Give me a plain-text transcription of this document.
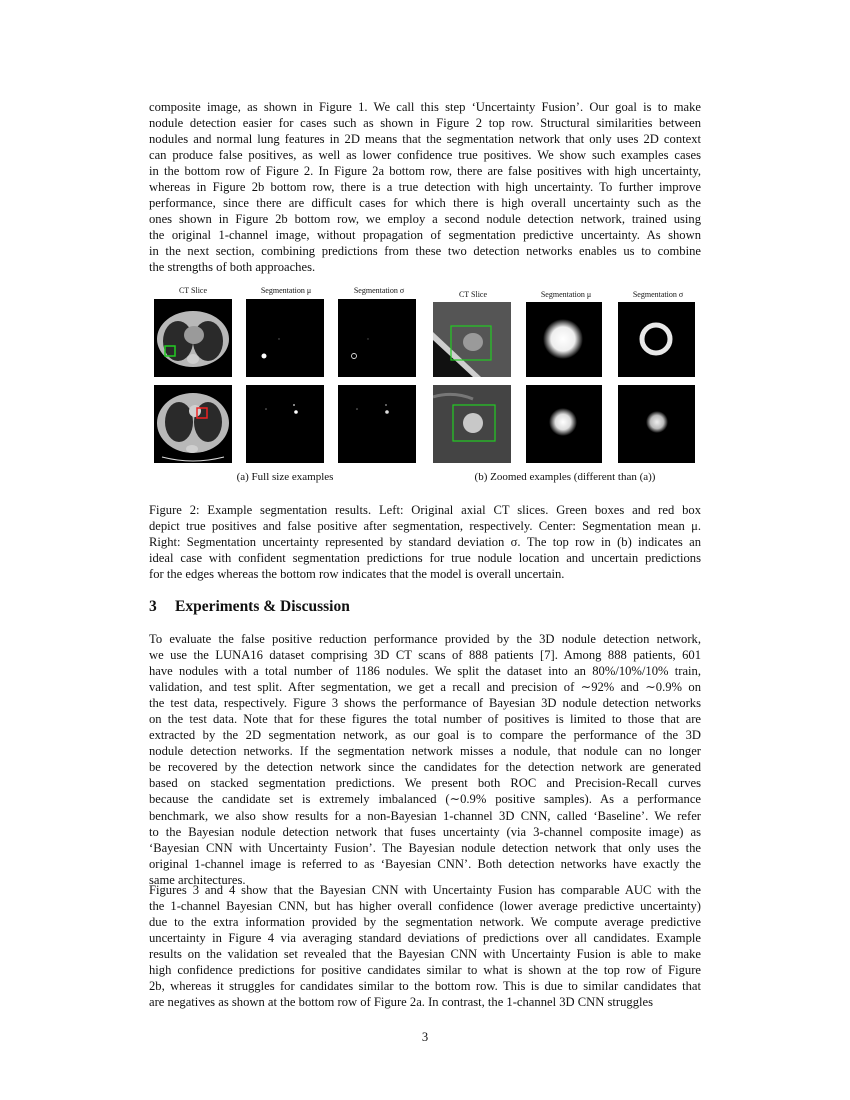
composite image, as shown in Figure 1. We call this step ‘Uncertainty Fusion’. Our goal is to make
nodule detection easier for cases such as shown in Figure 2 top row. Structural similarities between
nodules and normal lung features in 2D means that the segmentation network that only uses 2D context
can produce false positives, as well as lower confidence true positives. We show such examples cases
in the bottom row of Figure 2. In Figure 2a bottom row, there are false positives with high uncertainty,
whereas in Figure 2b bottom row, there is a true detection with high uncertainty. To further improve
performance, since there are difficult cases for which there is high overall uncertainty such as the
ones shown in Figure 2b bottom row, we employ a second nodule detection network, trained using
the original 1-channel image, without propagation of segmentation predictive uncertainty. As shown
in the next section, combining predictions from these two detection networks enables us to combine
the strengths of both approaches.
CT Slice	Segmentation μ	Segmentation σ	CT Slice	Segmentation μ	Segmentation σ
(a) Full size examples	(b) Zoomed examples (different than (a))
Figure 2: Example segmentation results. Left: Original axial CT slices. Green boxes and red box
depict true positives and false positive after segmentation, respectively. Center: Segmentation mean μ.
Right: Segmentation uncertainty represented by standard deviation σ. The top row in (b) indicates an
ideal case with confident segmentation predictions for true nodule location and uncertain predictions
for the edges whereas the bottom row indicates that the model is overall uncertain.
3 Experiments & Discussion
To evaluate the false positive reduction performance provided by the 3D nodule detection network,
we use the LUNA16 dataset comprising 3D CT scans of 888 patients [7]. Among 888 patients, 601
have nodules with a total number of 1186 nodules. We split the dataset into an 80%/10%/10% train,
validation, and test split. After segmentation, we get a recall and precision of ∼92% and ∼0.9% on
the test data, respectively. Figure 3 shows the performance of Bayesian 3D nodule detection networks
on the test data. Note that for these figures the total number of positives is limited to those that are
extracted by the 2D segmentation network, as our goal is to compare the performance of the 3D
nodule detection networks. If the segmentation network misses a nodule, that nodule can no longer
be recovered by the detection network since the candidates for the detection network are generated
based on stacked segmentation predictions. We present both ROC and Precision-Recall curves
because the candidate set is extremely imbalanced (∼0.9% positive samples). As a performance
benchmark, we also show results for a non-Bayesian 1-channel 3D CNN, called ‘Baseline’. We refer
to the Bayesian nodule detection network that fuses uncertainty (via 3-channel composite image) as
‘Bayesian CNN with Uncertainty Fusion’. The Bayesian nodule detection network that only uses the
original 1-channel image is referred to as ‘Bayesian CNN’. Both detection networks have exactly the
same architectures.
Figures 3 and 4 show that the Bayesian CNN with Uncertainty Fusion has comparable AUC with the
the 1-channel Bayesian CNN, but has higher overall confidence (lower average predictive uncertainty)
due to the extra information provided by the segmentation network. We compute average predictive
uncertainty in Figure 4 via averaging standard deviations of predictions over all candidates. Example
results on the validation set revealed that the Bayesian CNN with Uncertainty Fusion is able to make
high confidence predictions for positive candidates similar to what is shown at the top row of Figure
2b, whereas it struggles for candidates similar to the bottom row. This is due to similar candidates that
are negatives as shown at the bottom row of Figure 2a. In contrast, the 1-channel 3D CNN struggles
3
